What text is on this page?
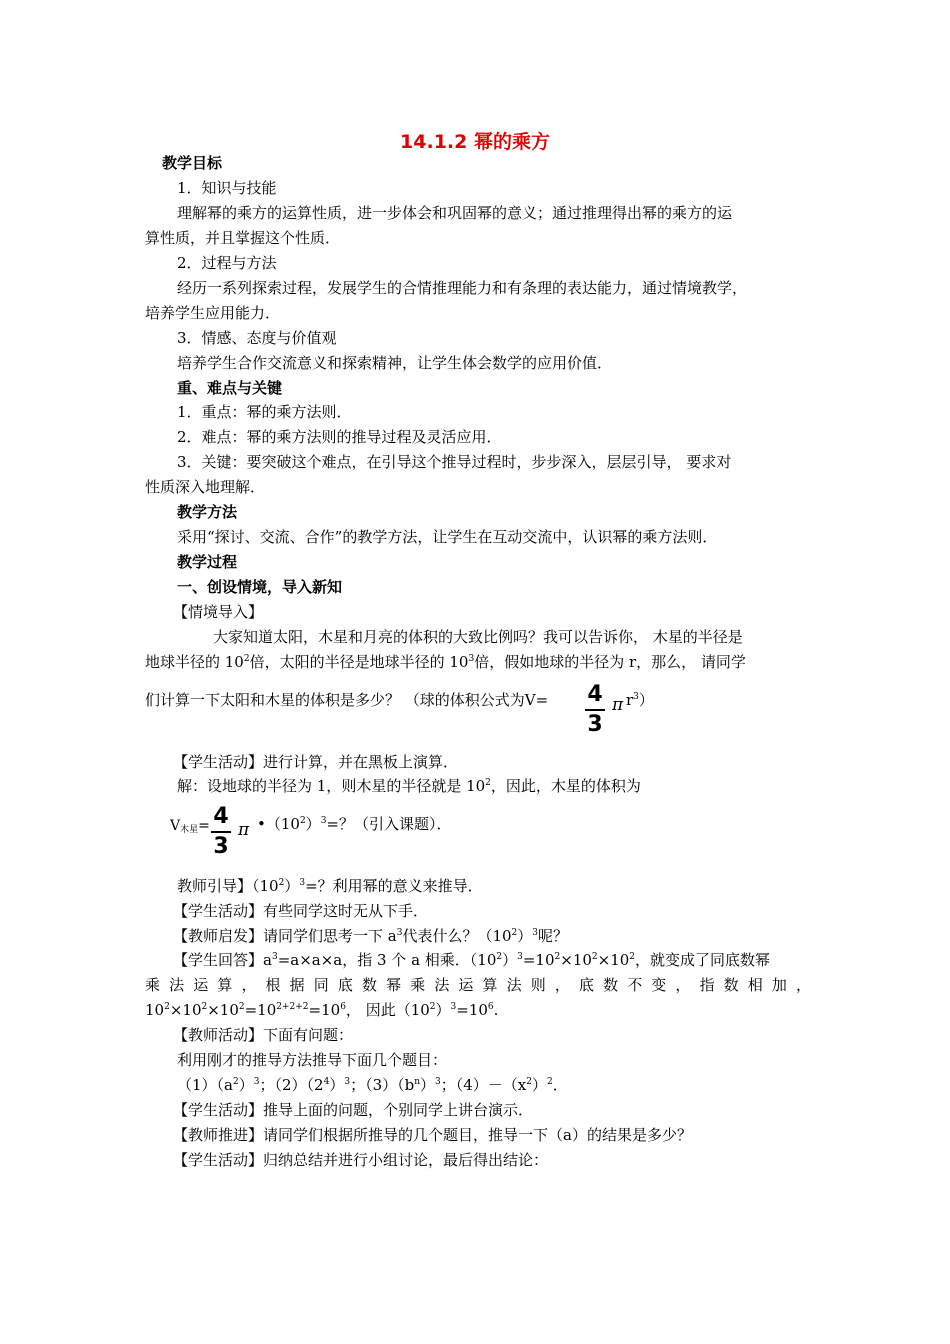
14.1.2 幂的乘方
教学目标
1．知识与技能
理解幂的乘方的运算性质，进一步体会和巩固幂的意义；通过推理得出幂的乘方的运
算性质，并且掌握这个性质．
2．过程与方法
经历一系列探索过程，发展学生的合情推理能力和有条理的表达能力，通过情境教学，
培养学生应用能力．
3．情感、态度与价值观
培养学生合作交流意义和探索精神，让学生体会数学的应用价值．
重、难点与关键
1．重点：幂的乘方法则．
2．难点：幂的乘方法则的推导过程及灵活应用．
3．关键：要突破这个难点，在引导这个推导过程时，步步深入，层层引导， 要求对
性质深入地理解．
教学方法
采用“探讨、交流、合作”的教学方法，让学生在互动交流中，认识幂的乘方法则．
教学过程
一、创设情境，导入新知
【情境导入】
大家知道太阳，木星和月亮的体积的大致比例吗？我可以告诉你， 木星的半径是
地球半径的 $10^2$倍，太阳的半径是地球半径的 $10^3$倍，假如地球的半径为 r，那么， 请同学
们计算一下太阳和木星的体积是多少？ （球的体积公式为V= 4
3
π $r^3$）
【学生活动】进行计算，并在黑板上演算．
解：设地球的半径为 1，则木星的半径就是 $10^2$，因此，木星的体积为
$V_{木星}= 4$
3
π $•(10^2)^3=$？（引入课题）．
教师引导】$(10^2)^3=$？利用幂的意义来推导．
【学生活动】有些同学这时无从下手．
【教师启发】请同学们思考一下 $a^3$代表什么？$(10^2)^3$呢？
【学生回答】$a^3=a\times a\times a$，指 3 个 a 相乘．$(10^2)^3=10^2\times 10^2\times 10^2$，就变成了同底数幂
乘 法 运 算 ， 根 据 同 底 数 幂 乘 法 运 算 法 则 ， 底 数 不 变 ， 指 数 相 加 ，
$10^2\times 10^2\times 10^2=10^{2+2+2}=10^6$， 因此$(10^2)^3=10^6$.
【教师活动】下面有问题：
利用刚才的推导方法推导下面几个题目：
$(1)(a^2)^3$；$(2)(2^4)^3$；$(3)(b^n)^3$；$(4)-(x^2)^2$．
【学生活动】推导上面的问题，个别同学上讲台演示．
【教师推进】请同学们根据所推导的几个题目，推导一下（a）的结果是多少？
【学生活动】归纳总结并进行小组讨论，最后得出结论：
